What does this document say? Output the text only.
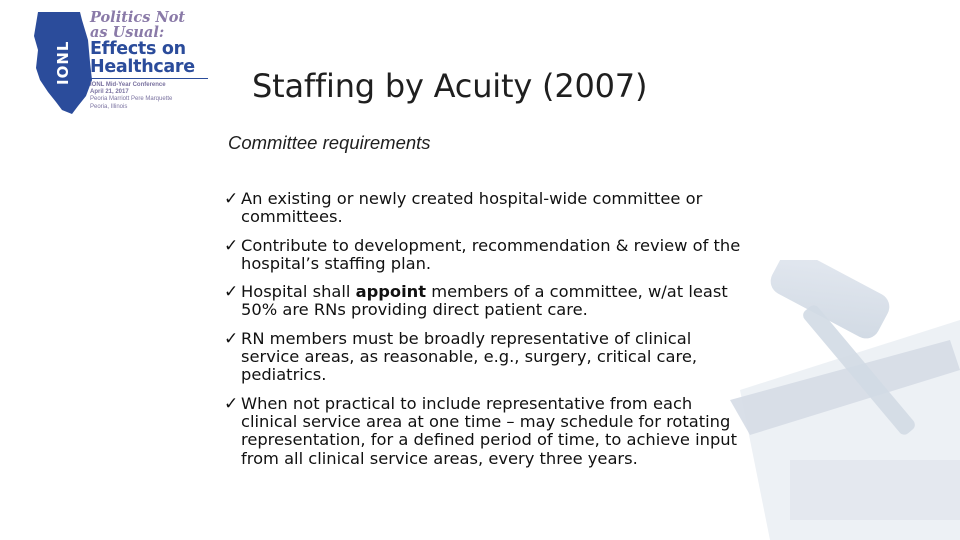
IONL
Politics Not
as Usual:
Effects on
Healthcare
IONL Mid-Year Conference
April 21, 2017
Peoria Marriott Pere Marquette
Peoria, Illinois
Staffing by Acuity (2007)
Committee requirements
✓ An existing or newly created hospital-wide committee or committees.
✓ Contribute to development, recommendation & review of the hospital’s staffing plan.
✓ Hospital shall appoint members of a committee, w/at least 50% are RNs providing direct patient care.
✓ RN members must be broadly representative of clinical service areas, as reasonable, e.g., surgery, critical care, pediatrics.
✓ When not practical to include representative from each clinical service area at one time – may schedule for rotating representation, for a defined period of time, to achieve input from all clinical service areas, every three years.
